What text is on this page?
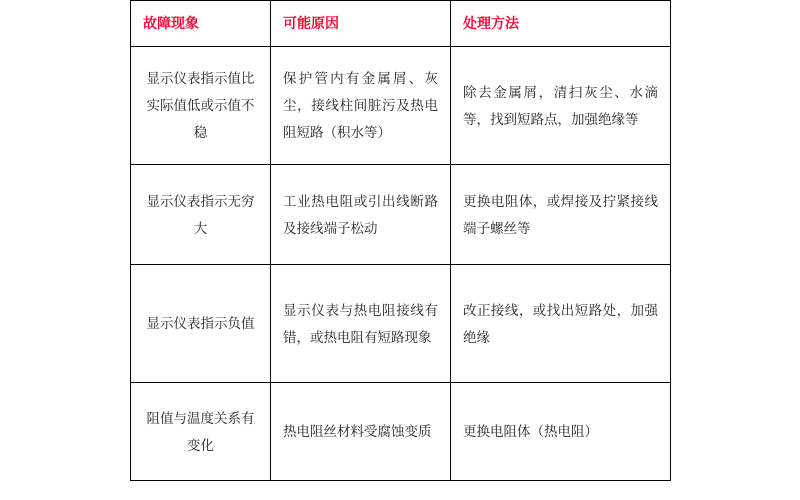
故障现象	可能原因	处理方法
显示仪表指示值比实际值低或示值不稳	保护管内有金属屑、灰尘，接线柱间脏污及热电阻短路（积水等）	除去金属屑，清扫灰尘、水滴等，找到短路点，加强绝缘等
显示仪表指示无穷大	工业热电阻或引出线断路及接线端子松动	更换电阻体，或焊接及拧紧接线端子螺丝等
显示仪表指示负值	显示仪表与热电阻接线有错，或热电阻有短路现象	改正接线，或找出短路处，加强绝缘
阻值与温度关系有变化	热电阻丝材料受腐蚀变质	更换电阻体（热电阻）
